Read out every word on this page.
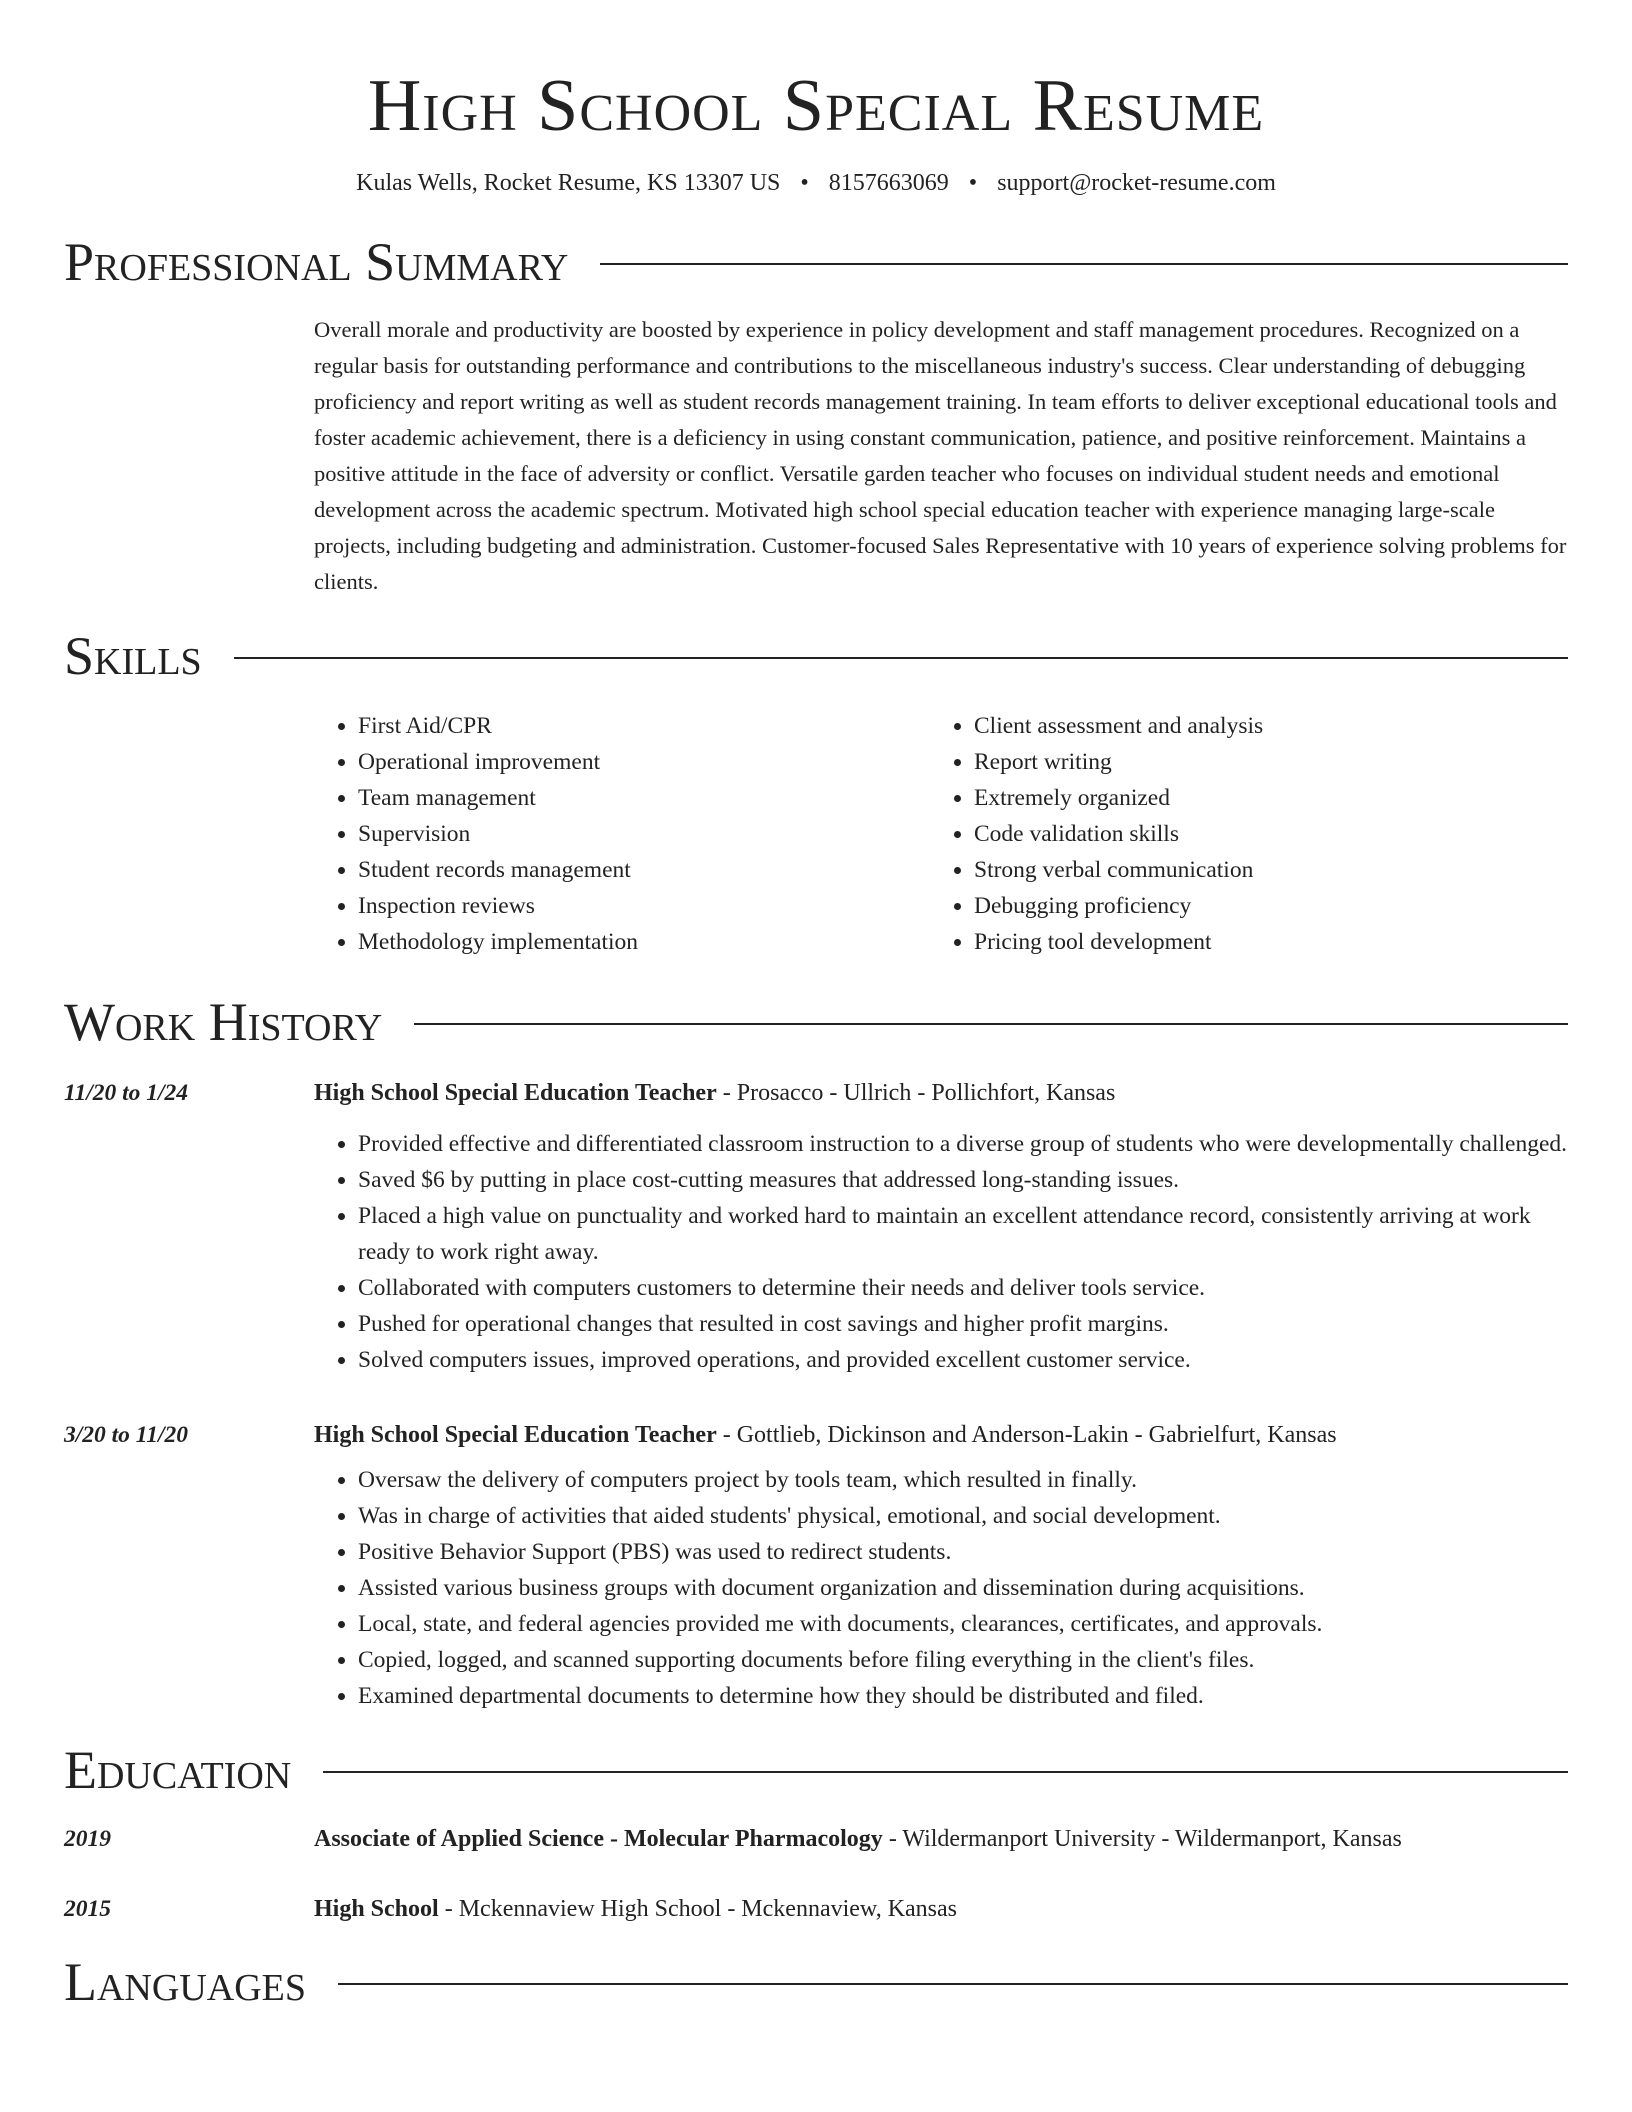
High School Special Resume
Kulas Wells, Rocket Resume, KS 13307 US • 8157663069 • support@rocket-resume.com
Professional Summary
Overall morale and productivity are boosted by experience in policy development and staff management procedures. Recognized on a regular basis for outstanding performance and contributions to the miscellaneous industry's success. Clear understanding of debugging proficiency and report writing as well as student records management training. In team efforts to deliver exceptional educational tools and foster academic achievement, there is a deficiency in using constant communication, patience, and positive reinforcement. Maintains a positive attitude in the face of adversity or conflict. Versatile garden teacher who focuses on individual student needs and emotional development across the academic spectrum. Motivated high school special education teacher with experience managing large-scale projects, including budgeting and administration. Customer-focused Sales Representative with 10 years of experience solving problems for clients.
Skills
• First Aid/CPR
• Operational improvement
• Team management
• Supervision
• Student records management
• Inspection reviews
• Methodology implementation
• Client assessment and analysis
• Report writing
• Extremely organized
• Code validation skills
• Strong verbal communication
• Debugging proficiency
• Pricing tool development
Work History
11/20 to 1/24	High School Special Education Teacher - Prosacco - Ullrich - Pollichfort, Kansas
• Provided effective and differentiated classroom instruction to a diverse group of students who were developmentally challenged.
• Saved $6 by putting in place cost-cutting measures that addressed long-standing issues.
• Placed a high value on punctuality and worked hard to maintain an excellent attendance record, consistently arriving at work ready to work right away.
• Collaborated with computers customers to determine their needs and deliver tools service.
• Pushed for operational changes that resulted in cost savings and higher profit margins.
• Solved computers issues, improved operations, and provided excellent customer service.
3/20 to 11/20	High School Special Education Teacher - Gottlieb, Dickinson and Anderson-Lakin - Gabrielfurt, Kansas
• Oversaw the delivery of computers project by tools team, which resulted in finally.
• Was in charge of activities that aided students' physical, emotional, and social development.
• Positive Behavior Support (PBS) was used to redirect students.
• Assisted various business groups with document organization and dissemination during acquisitions.
• Local, state, and federal agencies provided me with documents, clearances, certificates, and approvals.
• Copied, logged, and scanned supporting documents before filing everything in the client's files.
• Examined departmental documents to determine how they should be distributed and filed.
Education
2019	Associate of Applied Science - Molecular Pharmacology - Wildermanport University - Wildermanport, Kansas
2015	High School - Mckennaview High School - Mckennaview, Kansas
Languages
